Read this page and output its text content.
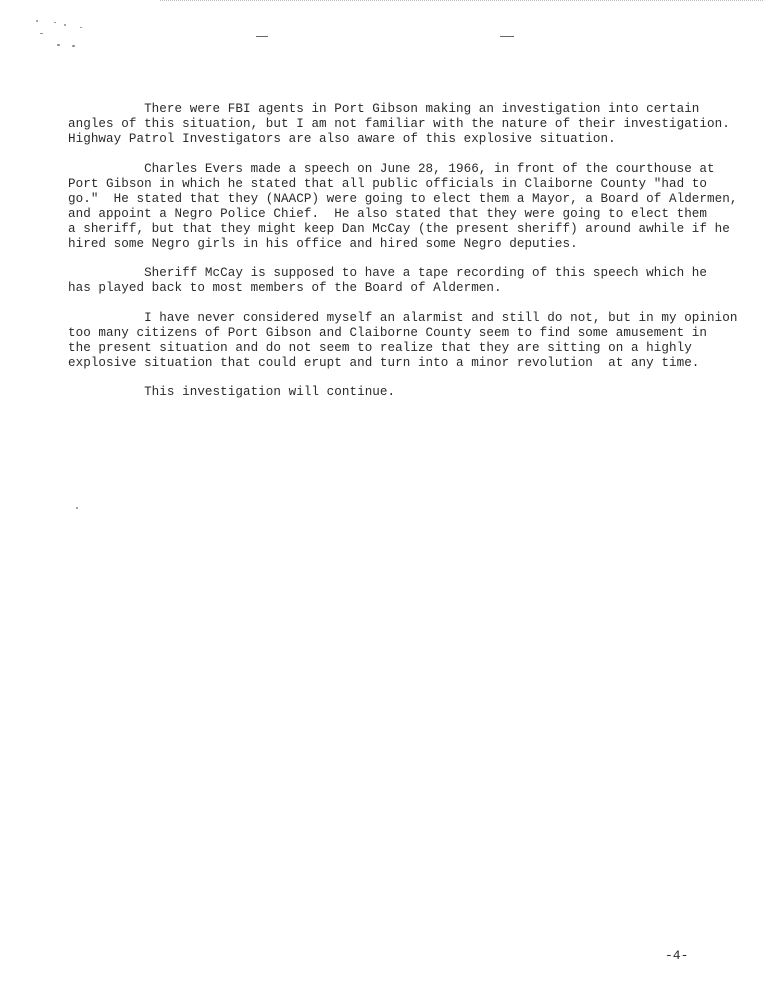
There were FBI agents in Port Gibson making an investigation into certain
angles of this situation, but I am not familiar with the nature of their investigation.
Highway Patrol Investigators are also aware of this explosive situation.

Charles Evers made a speech on June 28, 1966, in front of the courthouse at
Port Gibson in which he stated that all public officials in Claiborne County "had to
go."  He stated that they (NAACP) were going to elect them a Mayor, a Board of Aldermen,
and appoint a Negro Police Chief.  He also stated that they were going to elect them
a sheriff, but that they might keep Dan McCay (the present sheriff) around awhile if he
hired some Negro girls in his office and hired some Negro deputies.

Sheriff McCay is supposed to have a tape recording of this speech which he
has played back to most members of the Board of Aldermen.

I have never considered myself an alarmist and still do not, but in my opinion
too many citizens of Port Gibson and Claiborne County seem to find some amusement in
the present situation and do not seem to realize that they are sitting on a highly
explosive situation that could erupt and turn into a minor revolution  at any time.

This investigation will continue.

-4-
